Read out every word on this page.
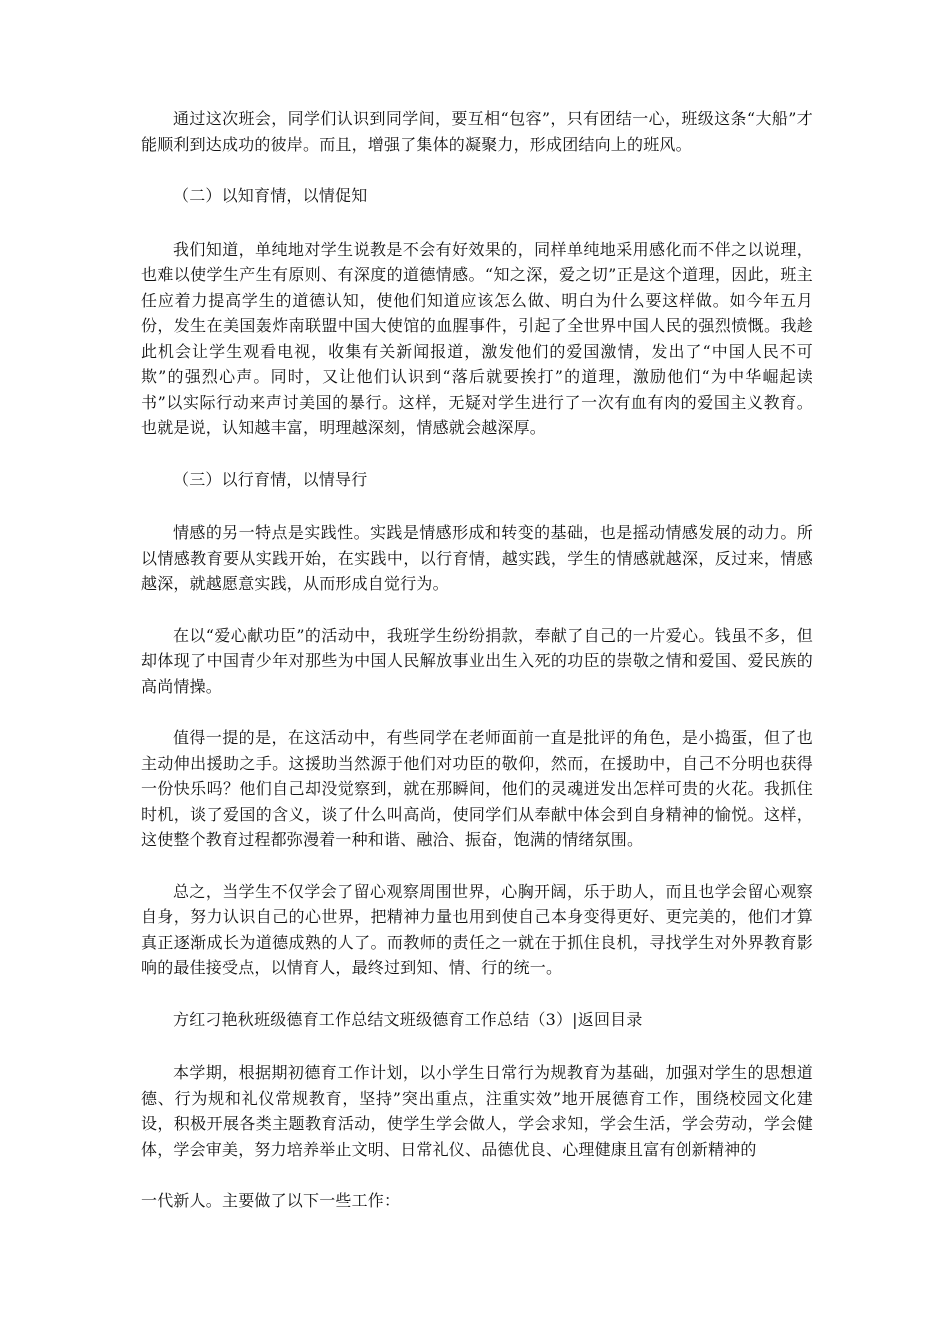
通过这次班会，同学们认识到同学间，要互相“包容”，只有团结一心，班级这条“大船”才能顺利到达成功的彼岸。而且，增强了集体的凝聚力，形成团结向上的班风。

（二）以知育情，以情促知

我们知道，单纯地对学生说教是不会有好效果的，同样单纯地采用感化而不伴之以说理，也难以使学生产生有原则、有深度的道德情感。“知之深，爱之切”正是这个道理，因此，班主任应着力提高学生的道德认知，使他们知道应该怎么做、明白为什么要这样做。如今年五月份，发生在美国轰炸南联盟中国大使馆的血腥事件，引起了全世界中国人民的强烈愤慨。我趁此机会让学生观看电视，收集有关新闻报道，激发他们的爱国激情，发出了“中国人民不可欺”的强烈心声。同时，又让他们认识到“落后就要挨打”的道理，激励他们“为中华崛起读书”以实际行动来声讨美国的暴行。这样，无疑对学生进行了一次有血有肉的爱国主义教育。也就是说，认知越丰富，明理越深刻，情感就会越深厚。

（三）以行育情，以情导行

情感的另一特点是实践性。实践是情感形成和转变的基础，也是摇动情感发展的动力。所以情感教育要从实践开始，在实践中，以行育情，越实践，学生的情感就越深，反过来，情感越深，就越愿意实践，从而形成自觉行为。

在以“爱心献功臣”的活动中，我班学生纷纷捐款，奉献了自己的一片爱心。钱虽不多，但却体现了中国青少年对那些为中国人民解放事业出生入死的功臣的崇敬之情和爱国、爱民族的高尚情操。

值得一提的是，在这活动中，有些同学在老师面前一直是批评的角色，是小捣蛋，但了也主动伸出援助之手。这援助当然源于他们对功臣的敬仰，然而，在援助中，自己不分明也获得一份快乐吗？他们自己却没觉察到，就在那瞬间，他们的灵魂迸发出怎样可贵的火花。我抓住时机，谈了爱国的含义，谈了什么叫高尚，使同学们从奉献中体会到自身精神的愉悦。这样，这使整个教育过程都弥漫着一种和谐、融洽、振奋，饱满的情绪氛围。

总之，当学生不仅学会了留心观察周围世界，心胸开阔，乐于助人，而且也学会留心观察自身，努力认识自己的心世界，把精神力量也用到使自己本身变得更好、更完美的，他们才算真正逐渐成长为道德成熟的人了。而教师的责任之一就在于抓住良机，寻找学生对外界教育影响的最佳接受点，以情育人，最终过到知、情、行的统一。

方红刁艳秋班级德育工作总结文班级德育工作总结（3）|返回目录

本学期，根据期初德育工作计划，以小学生日常行为规教育为基础，加强对学生的思想道德、行为规和礼仪常规教育，坚持”突出重点，注重实效”地开展德育工作，围绕校园文化建设，积极开展各类主题教育活动，使学生学会做人，学会求知，学会生活，学会劳动，学会健体，学会审美，努力培养举止文明、日常礼仪、品德优良、心理健康且富有创新精神的

一代新人。主要做了以下一些工作：
